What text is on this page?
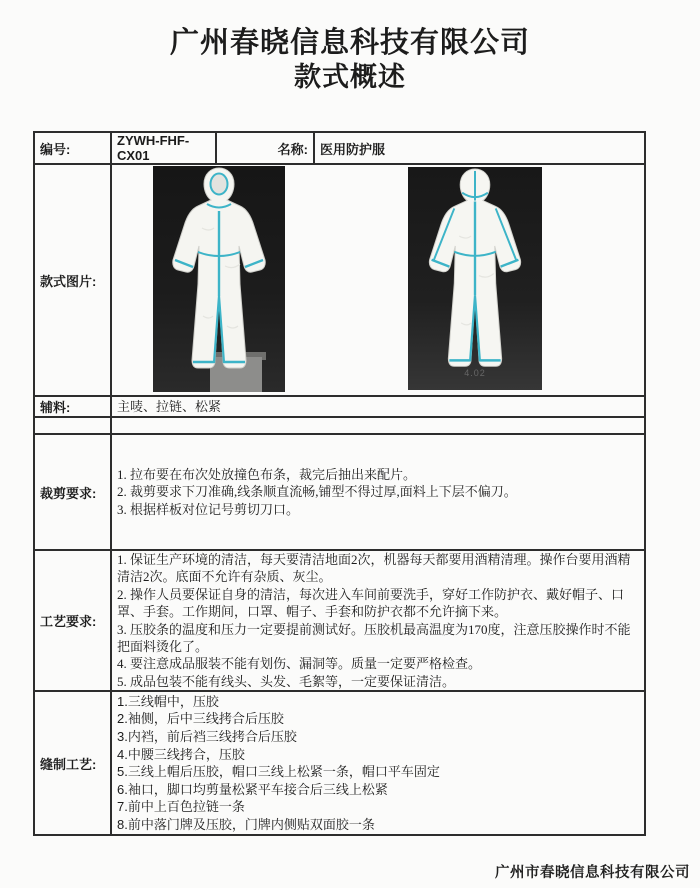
广州春晓信息科技有限公司
款式概述
编号:	ZYWH-FHF-CX01	名称:	医用防护服
款式图片:	4.02		

辅料:	主唛、拉链、松紧		

裁剪要求:	1. 拉布要在布次处放撞色布条，裁完后抽出来配片。
2. 裁剪要求下刀准确,线条顺直流畅,铺型不得过厚,面料上下层不偏刀。
3. 根据样板对位记号剪切刀口。		

工艺要求:	1. 保证生产环境的清洁，每天要清洁地面2次，机器每天都要用酒精清理。操作台要用酒精清洁2次。底面不允许有杂质、灰尘。
2. 操作人员要保证自身的清洁，每次进入车间前要洗手，穿好工作防护衣、戴好帽子、口罩、手套。工作期间，口罩、帽子、手套和防护衣都不允许摘下来。
3. 压胶条的温度和压力一定要提前测试好。压胶机最高温度为170度，注意压胶操作时不能把面料烫化了。
4. 要注意成品服装不能有划伤、漏洞等。质量一定要严格检查。
5. 成品包装不能有线头、头发、毛絮等，一定要保证清洁。		

缝制工艺:	
1.三线帽中，压胶
2.袖侧，后中三线拷合后压胶
3.内裆，前后裆三线拷合后压胶
4.中腰三线拷合，压胶
5.三线上帽后压胶，帽口三线上松紧一条，帽口平车固定
6.袖口，脚口均剪量松紧平车接合后三线上松紧
7.前中上百色拉链一条
8.前中落门牌及压胶，门牌内侧贴双面胶一条
广州市春晓信息科技有限公司
